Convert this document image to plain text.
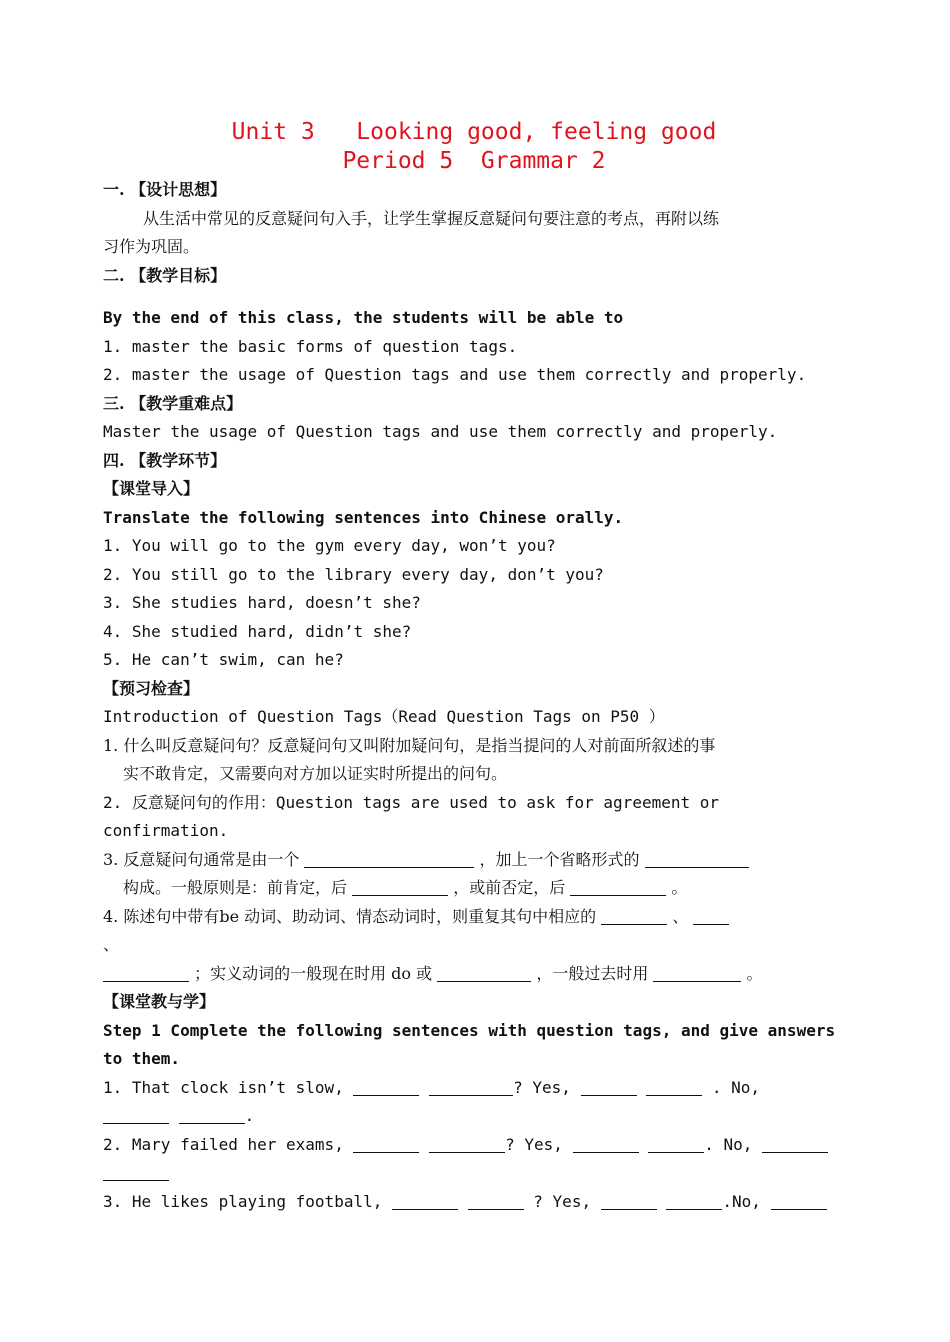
Unit 3   Looking good, feeling good
Period 5  Grammar 2
一. 【设计思想】
从生活中常见的反意疑问句入手，让学生掌握反意疑问句要注意的考点，再附以练
习作为巩固。
二. 【教学目标】
By the end of this class, the students will be able to
1. master the basic forms of question tags.
2. master the usage of Question tags and use them correctly and properly.
三. 【教学重难点】
Master the usage of Question tags and use them correctly and properly.
四. 【教学环节】
【课堂导入】
Translate the following sentences into Chinese orally.
1. You will go to the gym every day, won’t you?
2. You still go to the library every day, don’t you?
3. She studies hard, doesn’t she?
4. She studied hard, didn’t she?
5. He can’t swim, can he?
【预习检查】
Introduction of Question Tags（Read Question Tags on P50 ）
1. 什么叫反意疑问句？反意疑问句又叫附加疑问句，是指当提问的人对前面所叙述的事
实不敢肯定，又需要向对方加以证实时所提出的问句。
2. 反意疑问句的作用：Question tags are used to ask for agreement or
confirmation.
3. 反意疑问句通常是由一个	，加上一个省略形式的
构成。一般原则是：前肯定，后	，或前否定，后	。
4. 陈述句中带有be 动词、助动词、情态动词时，则重复其句中相应的	、
、
；实义动词的一般现在时用 do 或	，一般过去时用	。
【课堂教与学】
Step 1 Complete the following sentences with question tags, and give answers
to them.
1. That clock isn’t slow,	? Yes,	. No,
.
2. Mary failed her exams,	? Yes,	. No,
3. He likes playing football,	? Yes,	.No,
